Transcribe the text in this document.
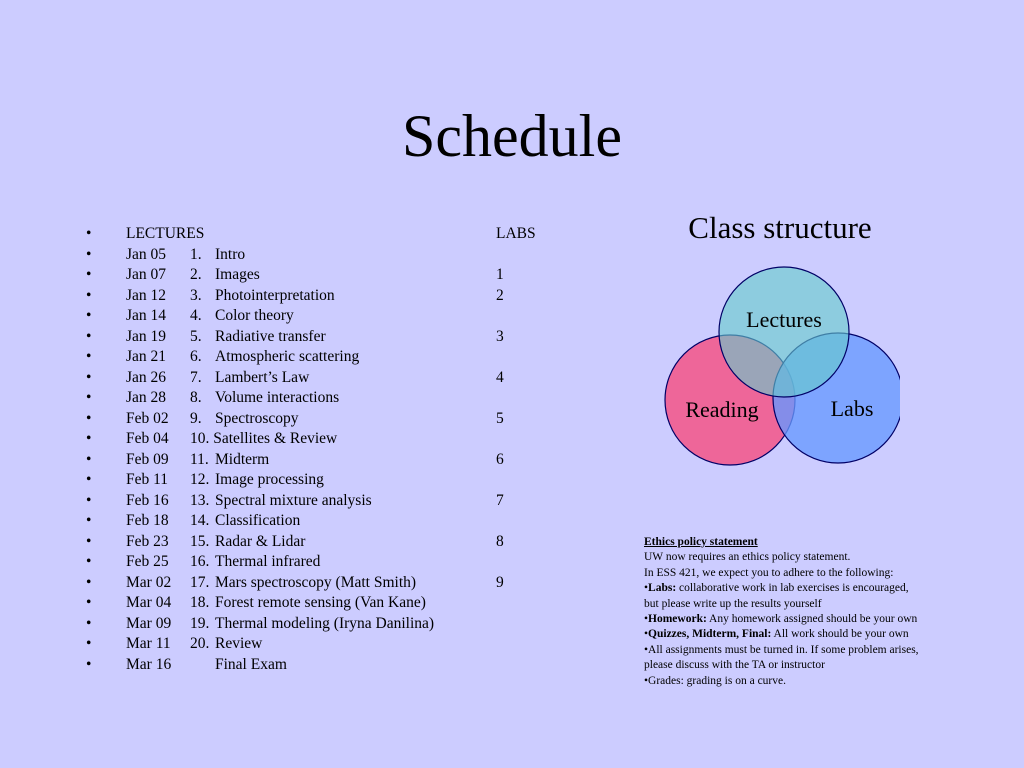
Schedule
• LECTURES	LABS
• Jan 05 1. Intro
• Jan 07 2. Images	1
• Jan 12 3. Photointerpretation	2
• Jan 14 4. Color theory
• Jan 19 5. Radiative transfer	3
• Jan 21 6. Atmospheric scattering
• Jan 26 7. Lambert’s Law	4
• Jan 28 8. Volume interactions
• Feb 02 9. Spectroscopy	5
• Feb 04 10. Satellites & Review
• Feb 09 11. Midterm	6
• Feb 11 12. Image processing
• Feb 16 13. Spectral mixture analysis	7
• Feb 18 14. Classification
• Feb 23 15. Radar & Lidar	8
• Feb 25 16. Thermal infrared
• Mar 02 17. Mars spectroscopy (Matt Smith)	9
• Mar 04 18. Forest remote sensing (Van Kane)
• Mar 09 19. Thermal modeling (Iryna Danilina)
• Mar 11 20. Review
• Mar 16	Final Exam
Class structure
Lectures
Reading	Labs
Ethics policy statement
UW now requires an ethics policy statement.
In ESS 421, we expect you to adhere to the following:
•Labs: collaborative work in lab exercises is encouraged,
but please write up the results yourself
•Homework: Any homework assigned should be your own
•Quizzes, Midterm, Final: All work should be your own
•All assignments must be turned in. If some problem arises,
please discuss with the TA or instructor
•Grades: grading is on a curve.
